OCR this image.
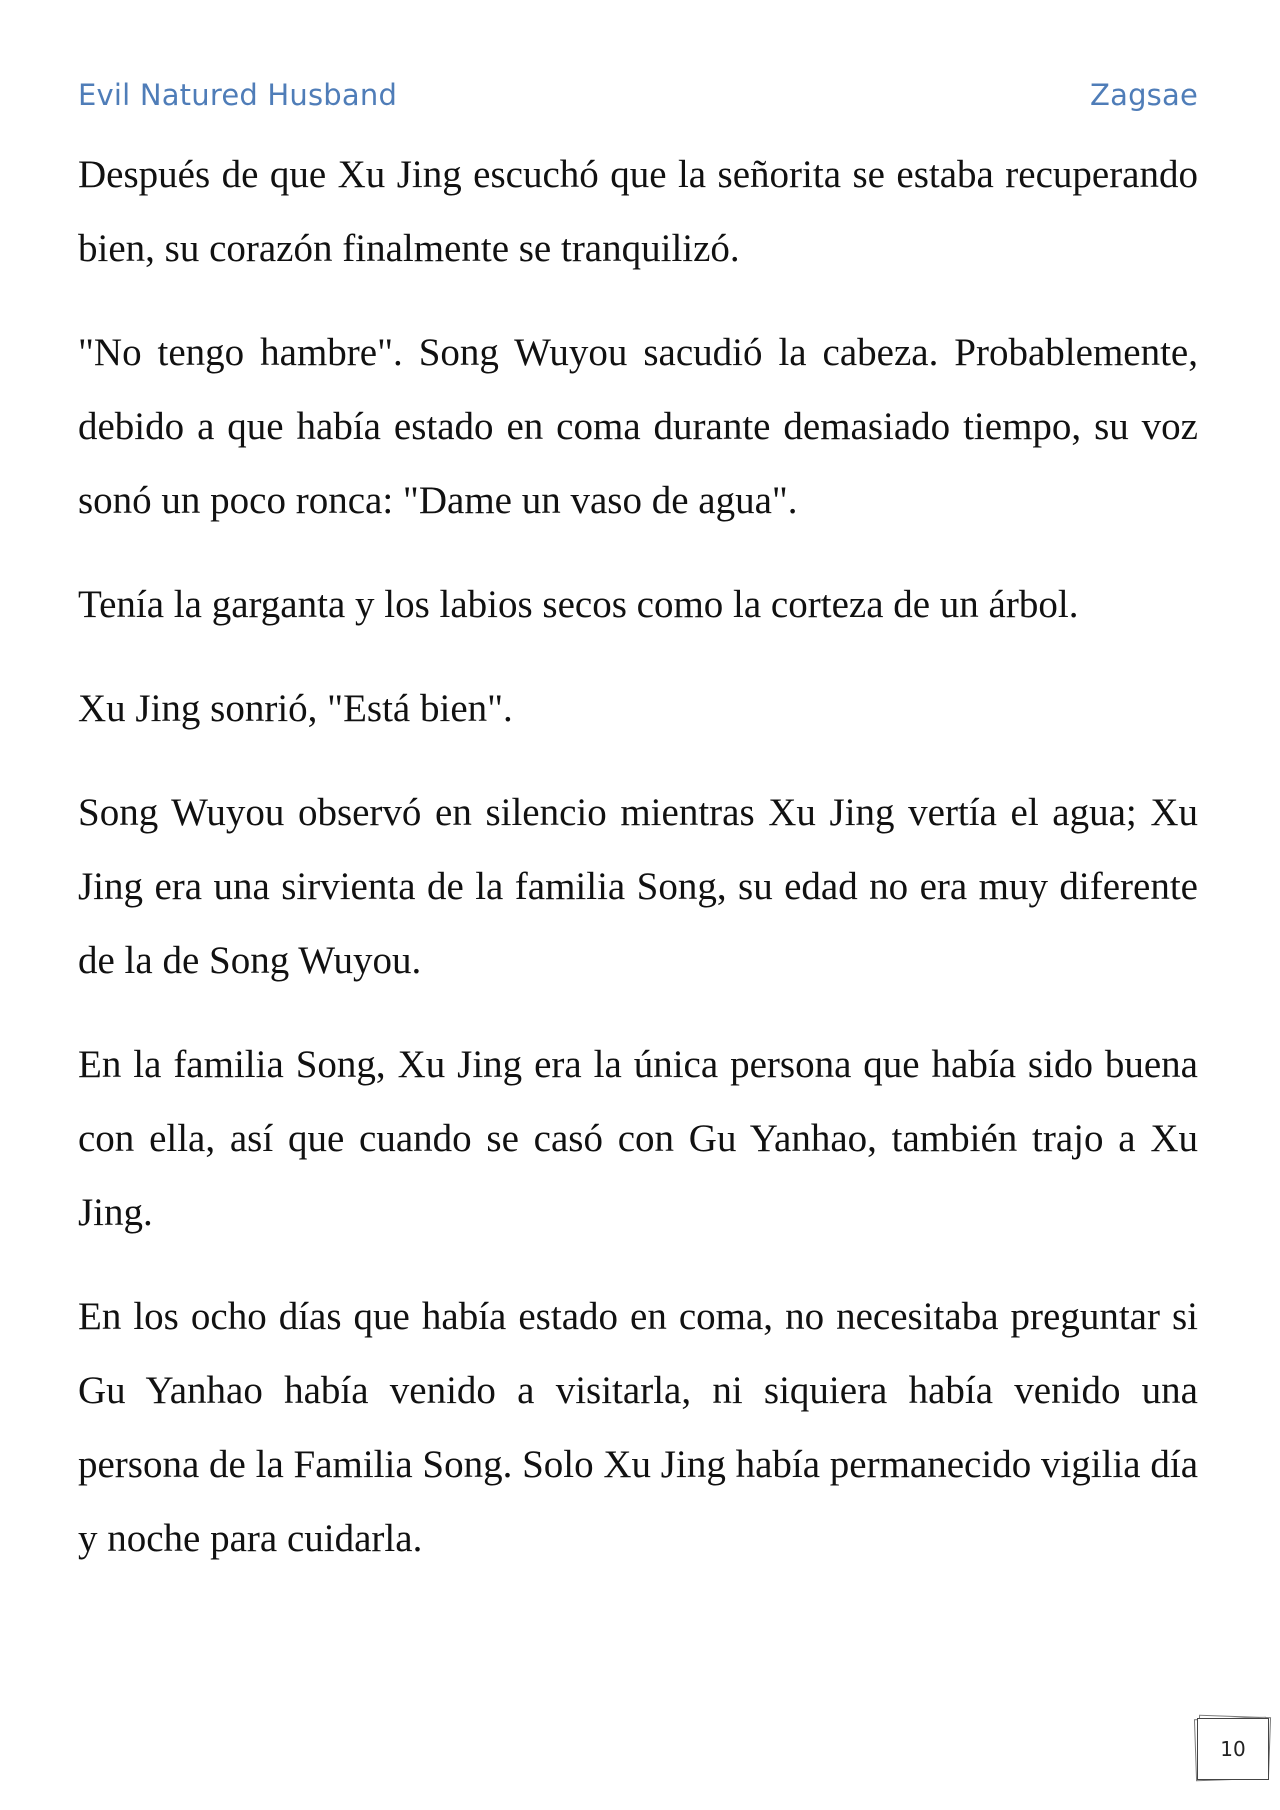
Evil Natured Husband	Zagsae

Después de que Xu Jing escuchó que la señorita se estaba recuperando bien, su corazón finalmente se tranquilizó.

"No tengo hambre". Song Wuyou sacudió la cabeza. Probablemente, debido a que había estado en coma durante demasiado tiempo, su voz sonó un poco ronca: "Dame un vaso de agua".

Tenía la garganta y los labios secos como la corteza de un árbol.

Xu Jing sonrió, "Está bien".

Song Wuyou observó en silencio mientras Xu Jing vertía el agua; Xu Jing era una sirvienta de la familia Song, su edad no era muy diferente de la de Song Wuyou.

En la familia Song, Xu Jing era la única persona que había sido buena con ella, así que cuando se casó con Gu Yanhao, también trajo a Xu Jing.

En los ocho días que había estado en coma, no necesitaba preguntar si Gu Yanhao había venido a visitarla, ni siquiera había venido una persona de la Familia Song. Solo Xu Jing había permanecido vigilia día y noche para cuidarla.

10
